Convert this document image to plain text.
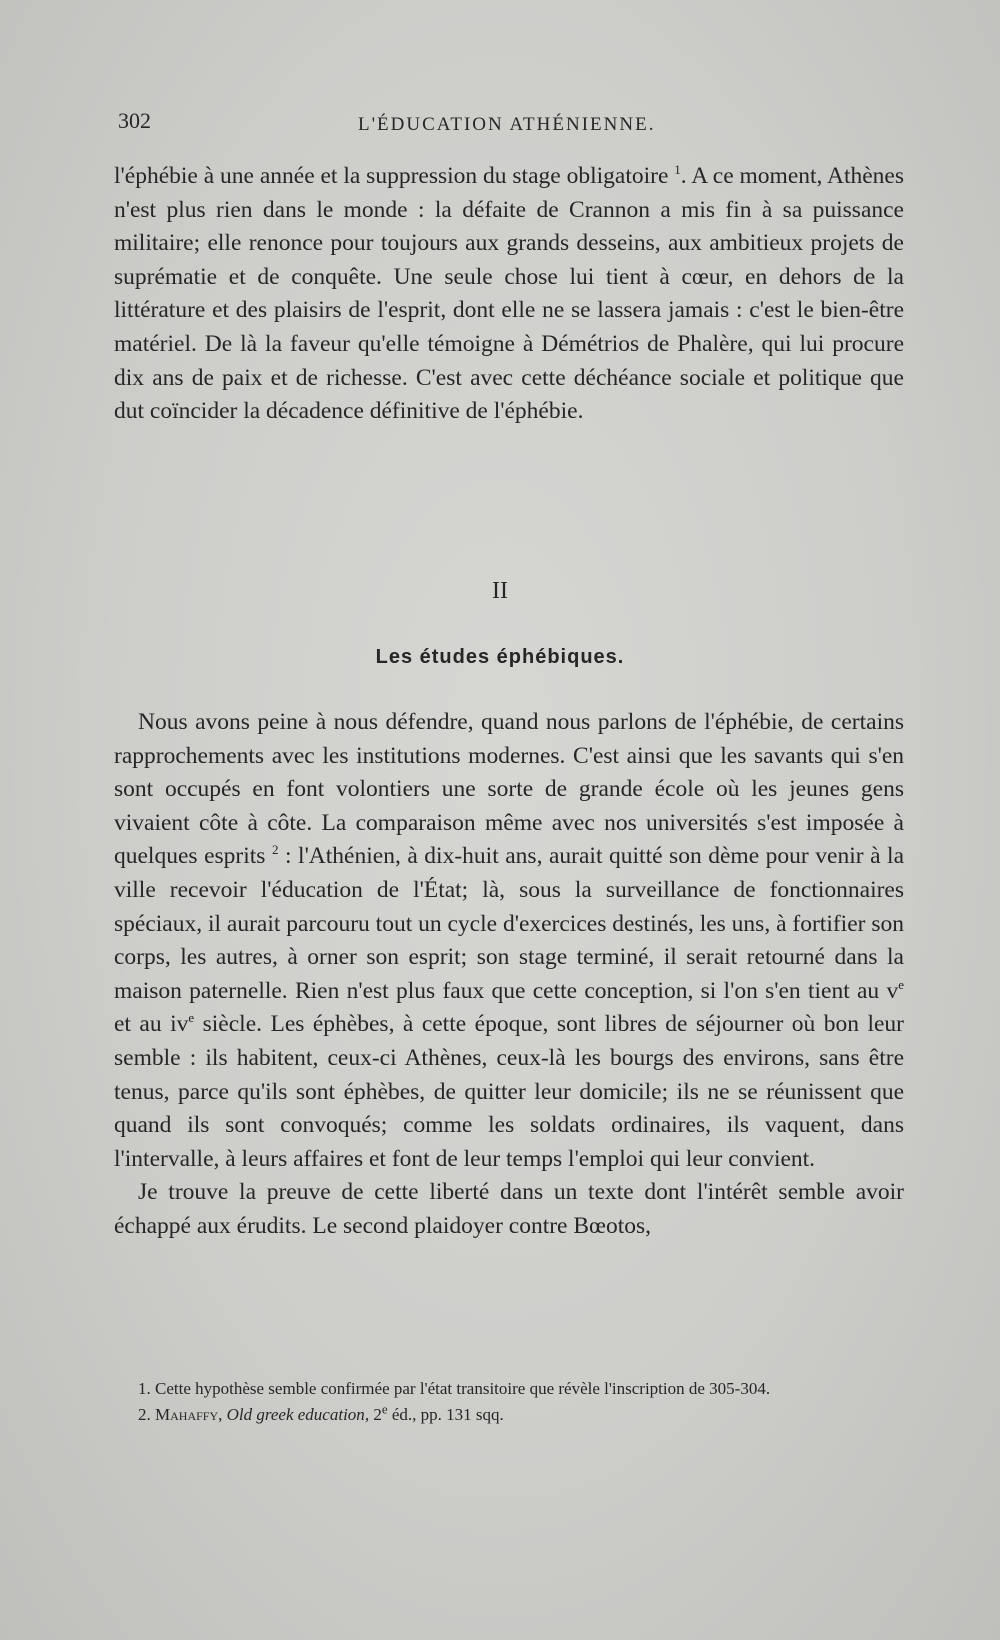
302	L'ÉDUCATION ATHÉNIENNE.

l'éphébie à une année et la suppression du stage obligatoire $^1$. A ce moment, Athènes n'est plus rien dans le monde : la défaite de Crannon a mis fin à sa puissance militaire; elle renonce pour toujours aux grands desseins, aux ambitieux projets de suprématie et de conquête. Une seule chose lui tient à cœur, en dehors de la littérature et des plaisirs de l'esprit, dont elle ne se lassera jamais : c'est le bien-être matériel. De là la faveur qu'elle témoigne à Démétrios de Phalère, qui lui procure dix ans de paix et de richesse. C'est avec cette déchéance sociale et politique que dut coïncider la décadence définitive de l'éphébie.

II
Les études éphébiques.

Nous avons peine à nous défendre, quand nous parlons de l'éphébie, de certains rapprochements avec les institutions modernes. C'est ainsi que les savants qui s'en sont occupés en font volontiers une sorte de grande école où les jeunes gens vivaient côte à côte. La comparaison même avec nos universités s'est imposée à quelques esprits $^2$ : l'Athénien, à dix-huit ans, aurait quitté son dème pour venir à la ville recevoir l'éducation de l'État; là, sous la surveillance de fonctionnaires spéciaux, il aurait parcouru tout un cycle d'exercices destinés, les uns, à fortifier son corps, les autres, à orner son esprit; son stage terminé, il serait retourné dans la maison paternelle. Rien n'est plus faux que cette conception, si l'on s'en tient au $v^e$ et au $iv^e$ siècle. Les éphèbes, à cette époque, sont libres de séjourner où bon leur semble : ils habitent, ceux-ci Athènes, ceux-là les bourgs des environs, sans être tenus, parce qu'ils sont éphèbes, de quitter leur domicile; ils ne se réunissent que quand ils sont convoqués; comme les soldats ordinaires, ils vaquent, dans l'intervalle, à leurs affaires et font de leur temps l'emploi qui leur convient.

Je trouve la preuve de cette liberté dans un texte dont l'intérêt semble avoir échappé aux érudits. Le second plaidoyer contre Bœotos,

1. Cette hypothèse semble confirmée par l'état transitoire que révèle l'inscription de 305-304.
2. Mahaffy, Old greek education, 2e éd., pp. 131 sqq.
